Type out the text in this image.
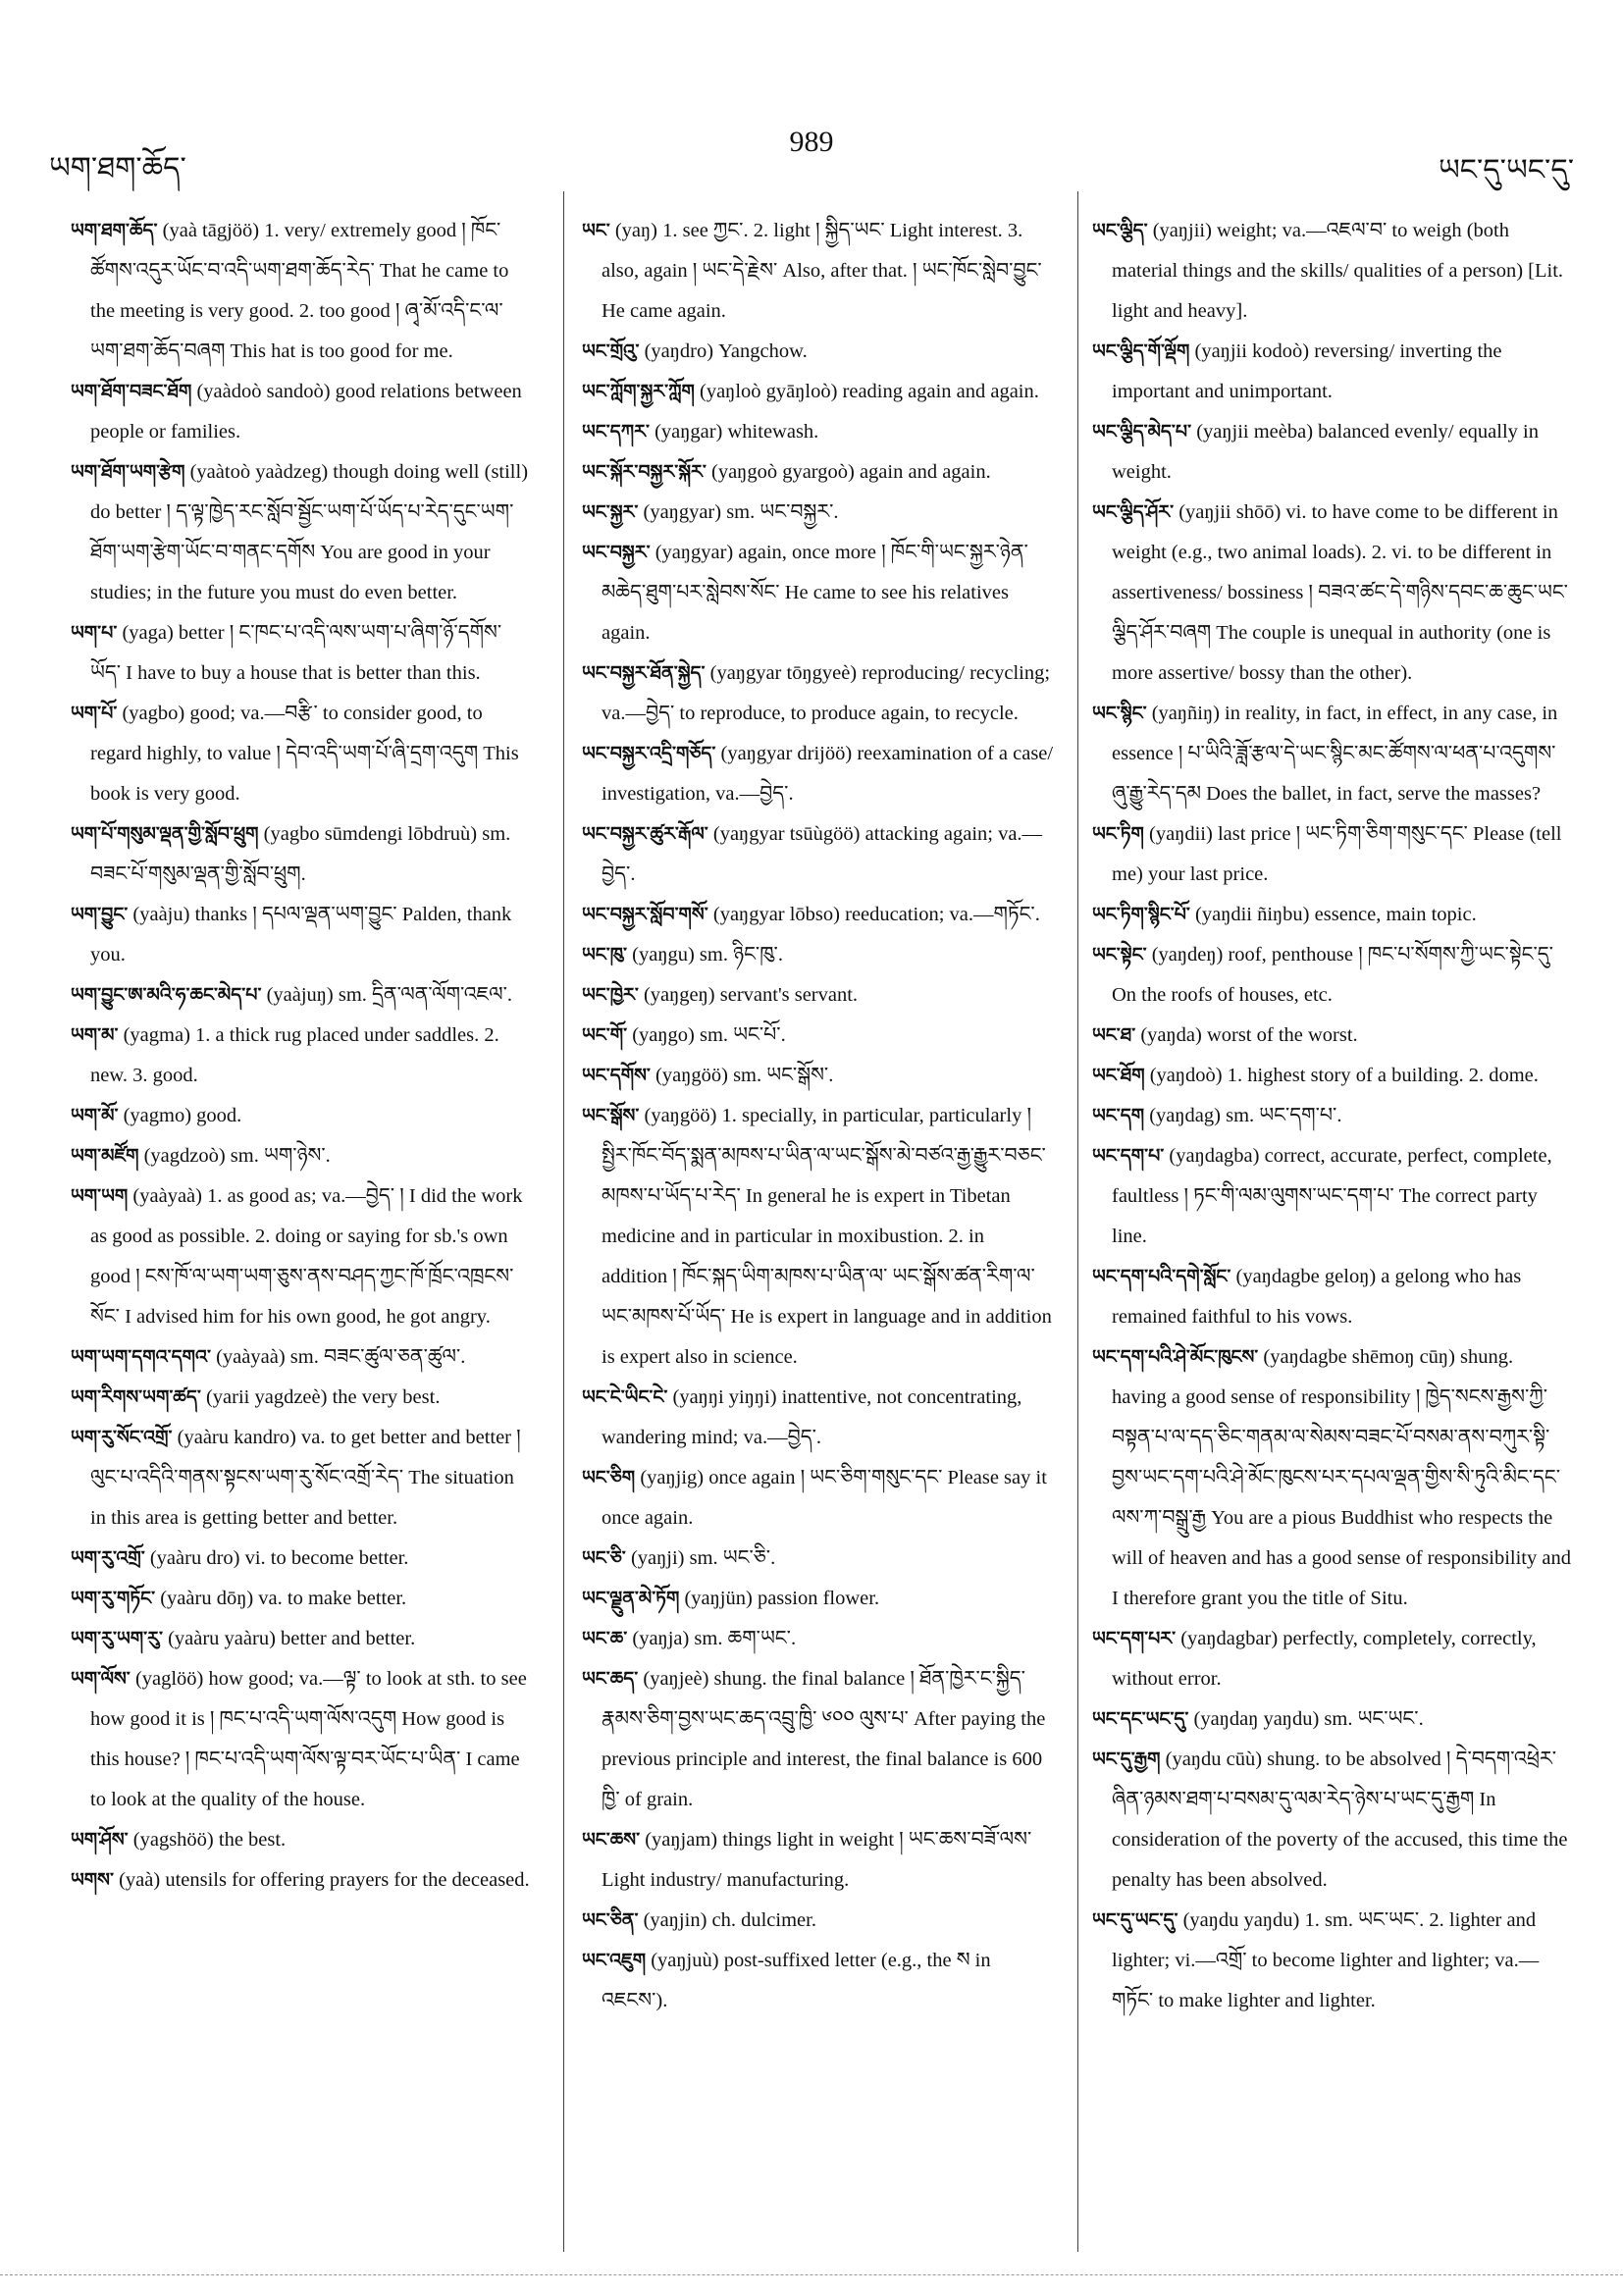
ཡག་ཐག་ཆོད་
989
ཡང་དུ་ཡང་དུ་

ཡག་ཐག་ཆོད་ (yaà tāgjöö) 1. very/ extremely good ། ཁོང་ཚོགས་འདུར་ཡོང་བ་འདི་ཡག་ཐག་ཆོད་རེད་ That he came to the meeting is very good. 2. too good ། ཞྭ་མོ་འདི་ང་ལ་ཡག་ཐག་ཆོད་བཞག This hat is too good for me.

ཡག་ཐོག་བཟང་ཐོག (yaàdoò sandoò) good relations between people or families.

ཡག་ཐོག་ཡག་རྩེག (yaàtoò yaàdzeg) though doing well (still) do better ། ད་ལྟ་ཁྱེད་རང་སློབ་སྦྱོང་ཡག་པོ་ཡོད་པ་རེད་དུང་ཡག་ཐོག་ཡག་རྩེག་ཡོང་བ་གནང་དགོས You are good in your studies; in the future you must do even better.

ཡག་པ་ (yaga) better ། ང་ཁང་པ་འདི་ལས་ཡག་པ་ཞིག་ཉོ་དགོས་ཡོད་ I have to buy a house that is better than this.

ཡག་པོ་ (yagbo) good; va.—བརྩི་ to consider good, to regard highly, to value ། དེབ་འདི་ཡག་པོ་ཞི་དྲག་འདུག This book is very good.

ཡག་པོ་གསུམ་ལྡན་གྱི་སློབ་ཕྲུག (yagbo sūmdengi lōbdruù) sm. བཟང་པོ་གསུམ་ལྡན་གྱི་སློབ་ཕྲུག.

ཡག་བྱུང་ (yaàju) thanks ། དཔལ་ལྡན་ཡག་བྱུང་ Palden, thank you.

ཡག་བྱུང་ཨ་མའི་ཧ་ཆང་མེད་པ་ (yaàjuŋ) sm. དྲིན་ལན་ལོག་འཇལ་.

ཡག་མ་ (yagma) 1. a thick rug placed under saddles. 2. new. 3. good.

ཡག་མོ་ (yagmo) good.

ཡག་མཛོག (yagdzoò) sm. ཡག་ཉེས་.

ཡག་ཡག (yaàyaà) 1. as good as; va.—བྱེད་ ། I did the work as good as possible. 2. doing or saying for sb.'s own good ། ངས་ཁོ་ལ་ཡག་ཡག་ཅུས་ནས་བཤད་ཀྱང་ཁོ་ཁྲོང་འཁྲངས་སོང་ I advised him for his own good, he got angry.

ཡག་ཡག་དགའ་དགའ་ (yaàyaà) sm. བཟང་ཚུལ་ཅན་ཚུལ་.

ཡག་རིགས་ཡག་ཚད་ (yarii yagdzeè) the very best.

ཡག་རུ་སོང་འགྲོ་ (yaàru kandro) va. to get better and better ། ལུང་པ་འདིའི་གནས་སྟངས་ཡག་རུ་སོང་འགྲོ་རེད་ The situation in this area is getting better and better.

ཡག་རུ་འགྲོ་ (yaàru dro) vi. to become better.

ཡག་རུ་གཏོང་ (yaàru dōŋ) va. to make better.

ཡག་རུ་ཡག་རུ་ (yaàru yaàru) better and better.

ཡག་ལོས་ (yaglöö) how good; va.—ལྟ་ to look at sth. to see how good it is ། ཁང་པ་འདི་ཡག་ལོས་འདུག How good is this house? ། ཁང་པ་འདི་ཡག་ལོས་ལྟ་བར་ཡོང་པ་ཡིན་ I came to look at the quality of the house.

ཡག་ཤོས་ (yagshöö) the best.

ཡགས་ (yaà) utensils for offering prayers for the deceased.

ཡང་ (yaŋ) 1. see ཀྱང་. 2. light ། སྐྱིད་ཡང་ Light interest. 3. also, again ། ཡང་དེ་རྗེས་ Also, after that. ། ཡང་ཁོང་སླེབ་བྱུང་ He came again.

ཡང་གྲོའུ་ (yaŋdro) Yangchow.

ཡང་ཀློག་སྐྱར་ཀློག (yaŋloò gyāŋloò) reading again and again.

ཡང་དཀར་ (yaŋgar) whitewash.

ཡང་སྐོར་བསྐྱར་སྐོར་ (yaŋgoò gyargoò) again and again.

ཡང་སྐྱར་ (yaŋgyar) sm. ཡང་བསྐྱར་.

ཡང་བསྐྱར་ (yaŋgyar) again, once more ། ཁོང་གི་ཡང་སྐྱར་ཉེན་མཆེད་ཐུག་པར་སླེབས་སོང་ He came to see his relatives again.

ཡང་བསྐྱར་ཐོན་སྐྱེད་ (yaŋgyar tōŋgyeè) reproducing/ recycling; va.—བྱེད་ to reproduce, to produce again, to recycle.

ཡང་བསྐྱར་འདྲི་གཅོད་ (yaŋgyar drijöö) reexamination of a case/ investigation, va.—བྱེད་.

ཡང་བསྐྱར་ཚུར་རྒོལ་ (yaŋgyar tsūùgöö) attacking again; va.—བྱེད་.

ཡང་བསྐྱར་སློབ་གསོ་ (yaŋgyar lōbso) reeducation; va.—གཏོང་.

ཡང་ཁུ་ (yaŋgu) sm. ཉིང་ཁུ་.

ཡང་ཁྱེར་ (yaŋgeŋ) servant's servant.

ཡང་གོ་ (yaŋgo) sm. ཡང་པོ་.

ཡང་དགོས་ (yaŋgöö) sm. ཡང་སྒོས་.

ཡང་སྒོས་ (yaŋgöö) 1. specially, in particular, particularly ། སྤྱིར་ཁོང་བོད་སྨན་མཁས་པ་ཡིན་ལ་ཡང་སྒོས་མེ་བཙའ་རྒྱ་རྒྱུར་བཅང་མཁས་པ་ཡོད་པ་རེད་ In general he is expert in Tibetan medicine and in particular in moxibustion. 2. in addition ། ཁོང་སྐད་ཡིག་མཁས་པ་ཡིན་ལ་ ཡང་སྒོས་ཚན་རིག་ལ་ཡང་མཁས་པོ་ཡོད་ He is expert in language and in addition is expert also in science.

ཡང་ངེ་ཡིང་ངེ་ (yaŋŋi yiŋŋi) inattentive, not concentrating, wandering mind; va.—བྱེད་.

ཡང་ཅིག (yaŋjig) once again ། ཡང་ཅིག་གསུང་དང་ Please say it once again.

ཡང་ཅི་ (yaŋji) sm. ཡང་ཅི་.

ཡང་ལྗུན་མེ་ཏོག (yaŋjün) passion flower.

ཡང་ཆ་ (yaŋja) sm. ཆག་ཡང་.

ཡང་ཆད་ (yaŋjeè) shung. the final balance ། ཐོན་ཁྱེར་ང་སྐྱིད་རྣམས་ཅིག་བྱས་ཡང་ཆད་འབྲུ་ཁྱི་ ༦༠༠ ལུས་པ་ After paying the previous principle and interest, the final balance is 600 ཁྱི་ of grain.

ཡང་ཆས་ (yaŋjam) things light in weight ། ཡང་ཆས་བཟོ་ལས་ Light industry/ manufacturing.

ཡང་ཅིན་ (yaŋjin) ch. dulcimer.

ཡང་འཇུག (yaŋjuù) post-suffixed letter (e.g., the ས in འཇངས་).

ཡང་ལྕིད་ (yaŋjii) weight; va.—འཇལ་བ་ to weigh (both material things and the skills/ qualities of a person) [Lit. light and heavy].

ཡང་ལྕིད་གོ་ལྡོག (yaŋjii kodoò) reversing/ inverting the important and unimportant.

ཡང་ལྕིད་མེད་པ་ (yaŋjii meèba) balanced evenly/ equally in weight.

ཡང་ལྕིད་ཤོར་ (yaŋjii shōō) vi. to have come to be different in weight (e.g., two animal loads). 2. vi. to be different in assertiveness/ bossiness ། བཟའ་ཚང་དེ་གཉིས་དབང་ཆ་ཆུང་ཡང་ལྕིད་ཤོར་བཞག The couple is unequal in authority (one is more assertive/ bossy than the other).

ཡང་སྙིང་ (yaŋñiŋ) in reality, in fact, in effect, in any case, in essence ། པ་ཡིའི་ཟློ་རྩལ་དེ་ཡང་སྙིང་མང་ཚོགས་ལ་ཕན་པ་འདུགས་ཞུ་རྒྱུ་རེད་དམ Does the ballet, in fact, serve the masses?

ཡང་ཏིག (yaŋdii) last price ། ཡང་ཏིག་ཅིག་གསུང་དང་ Please (tell me) your last price.

ཡང་ཏིག་སྙིང་པོ་ (yaŋdii ñiŋbu) essence, main topic.

ཡང་སྟེང་ (yaŋdeŋ) roof, penthouse ། ཁང་པ་སོགས་ཀྱི་ཡང་སྟེང་དུ་ On the roofs of houses, etc.

ཡང་ཐ་ (yaŋda) worst of the worst.

ཡང་ཐོག (yaŋdoò) 1. highest story of a building. 2. dome.

ཡང་དག (yaŋdag) sm. ཡང་དག་པ་.

ཡང་དག་པ་ (yaŋdagba) correct, accurate, perfect, complete, faultless ། ཏང་གི་ལམ་ལུགས་ཡང་དག་པ་ The correct party line.

ཡང་དག་པའི་དགེ་སློང་ (yaŋdagbe geloŋ) a gelong who has remained faithful to his vows.

ཡང་དག་པའི་ཤེ་མོང་ཁུངས་ (yaŋdagbe shēmoŋ cūŋ) shung. having a good sense of responsibility ། ཁྱེད་སངས་རྒྱས་ཀྱི་བསྟན་པ་ལ་དད་ཅིང་གནམ་ལ་སེམས་བཟང་པོ་བསམ་ནས་བཀུར་སྟི་བྱས་ཡང་དག་པའི་ཤེ་མོང་ཁུངས་པར་དཔལ་ལྡན་གྱིས་སི་ཏུའི་མིང་དང་ལས་ཀ་བསྒྲུ་རྒྱ You are a pious Buddhist who respects the will of heaven and has a good sense of responsibility and I therefore grant you the title of Situ.

ཡང་དག་པར་ (yaŋdagbar) perfectly, completely, correctly, without error.

ཡང་དང་ཡང་དུ་ (yaŋdaŋ yaŋdu) sm. ཡང་ཡང་.

ཡང་དུ་རྒྱག (yaŋdu cūù) shung. to be absolved ། དེ་བདག་འཕྲེར་ཞིན་ཉམས་ཐག་པ་བསམ་དུ་ལམ་རེད་ཉེས་པ་ཡང་དུ་རྒྱག In consideration of the poverty of the accused, this time the penalty has been absolved.

ཡང་དུ་ཡང་དུ་ (yaŋdu yaŋdu) 1. sm. ཡང་ཡང་. 2. lighter and lighter; vi.—འགྲོ་ to become lighter and lighter; va.—གཏོང་ to make lighter and lighter.
